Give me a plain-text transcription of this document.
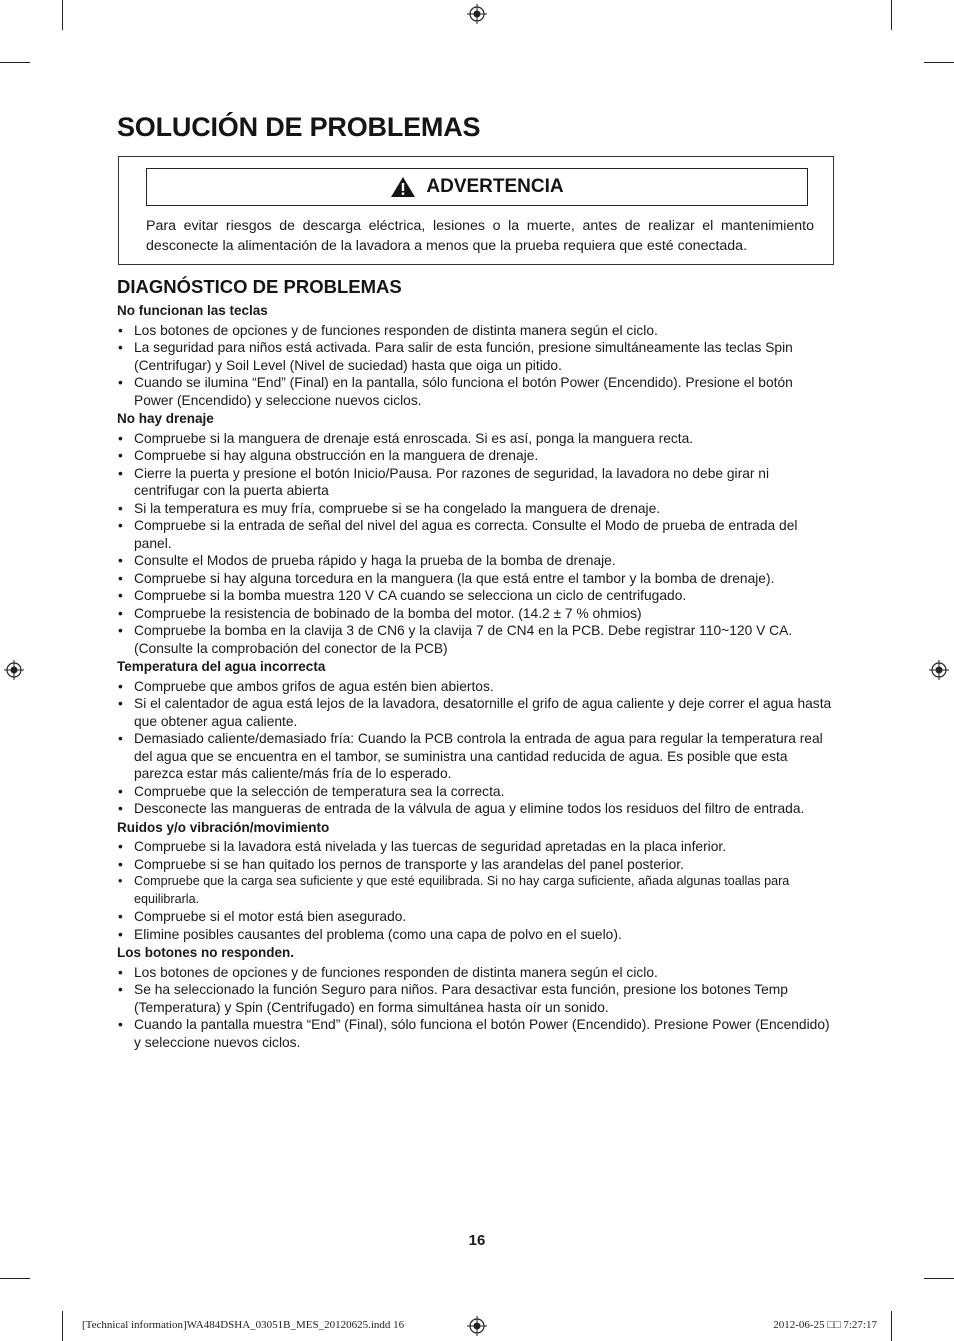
SOLUCIÓN DE PROBLEMAS
ADVERTENCIA

Para evitar riesgos de descarga eléctrica, lesiones o la muerte, antes de realizar el mantenimiento desconecte la alimentación de la lavadora a menos que la prueba requiera que esté conectada.

DIAGNÓSTICO DE PROBLEMAS

No funcionan las teclas

• Los botones de opciones y de funciones responden de distinta manera según el ciclo.
• La seguridad para niños está activada. Para salir de esta función, presione simultáneamente las teclas Spin (Centrifugar) y Soil Level (Nivel de suciedad) hasta que oiga un pitido.
• Cuando se ilumina “End” (Final) en la pantalla, sólo funciona el botón Power (Encendido). Presione el botón Power (Encendido) y seleccione nuevos ciclos.

No hay drenaje

• Compruebe si la manguera de drenaje está enroscada. Si es así, ponga la manguera recta.
• Compruebe si hay alguna obstrucción en la manguera de drenaje.
• Cierre la puerta y presione el botón Inicio/Pausa. Por razones de seguridad, la lavadora no debe girar ni centrifugar con la puerta abierta
• Si la temperatura es muy fría, compruebe si se ha congelado la manguera de drenaje.
• Compruebe si la entrada de señal del nivel del agua es correcta. Consulte el Modo de prueba de entrada del panel.
• Consulte el Modos de prueba rápido y haga la prueba de la bomba de drenaje.
• Compruebe si hay alguna torcedura en la manguera (la que está entre el tambor y la bomba de drenaje).
• Compruebe si la bomba muestra 120 V CA cuando se selecciona un ciclo de centrifugado.
• Compruebe la resistencia de bobinado de la bomba del motor. (14.2 ± 7 % ohmios)
• Compruebe la bomba en la clavija 3 de CN6 y la clavija 7 de CN4 en la PCB. Debe registrar 110~120 V CA. (Consulte la comprobación del conector de la PCB)

Temperatura del agua incorrecta

• Compruebe que ambos grifos de agua estén bien abiertos.
• Si el calentador de agua está lejos de la lavadora, desatornille el grifo de agua caliente y deje correr el agua hasta que obtener agua caliente.
• Demasiado caliente/demasiado fría: Cuando la PCB controla la entrada de agua para regular la temperatura real del agua que se encuentra en el tambor, se suministra una cantidad reducida de agua. Es posible que esta parezca estar más caliente/más fría de lo esperado.
• Compruebe que la selección de temperatura sea la correcta.
• Desconecte las mangueras de entrada de la válvula de agua y elimine todos los residuos del filtro de entrada.

Ruidos y/o vibración/movimiento

• Compruebe si la lavadora está nivelada y las tuercas de seguridad apretadas en la placa inferior.
• Compruebe si se han quitado los pernos de transporte y las arandelas del panel posterior.
• Compruebe que la carga sea suficiente y que esté equilibrada. Si no hay carga suficiente, añada algunas toallas para equilibrarla.
• Compruebe si el motor está bien asegurado.
• Elimine posibles causantes del problema (como una capa de polvo en el suelo).

Los botones no responden.

• Los botones de opciones y de funciones responden de distinta manera según el ciclo.
• Se ha seleccionado la función Seguro para niños. Para desactivar esta función, presione los botones Temp (Temperatura) y Spin (Centrifugado) en forma simultánea hasta oír un sonido.
• Cuando la pantalla muestra “End” (Final), sólo funciona el botón Power (Encendido). Presione Power (Encendido) y seleccione nuevos ciclos.
16
[Technical information]WA484DSHA_03051B_MES_20120625.indd 16	2012-06-25 □□ 7:27:17
